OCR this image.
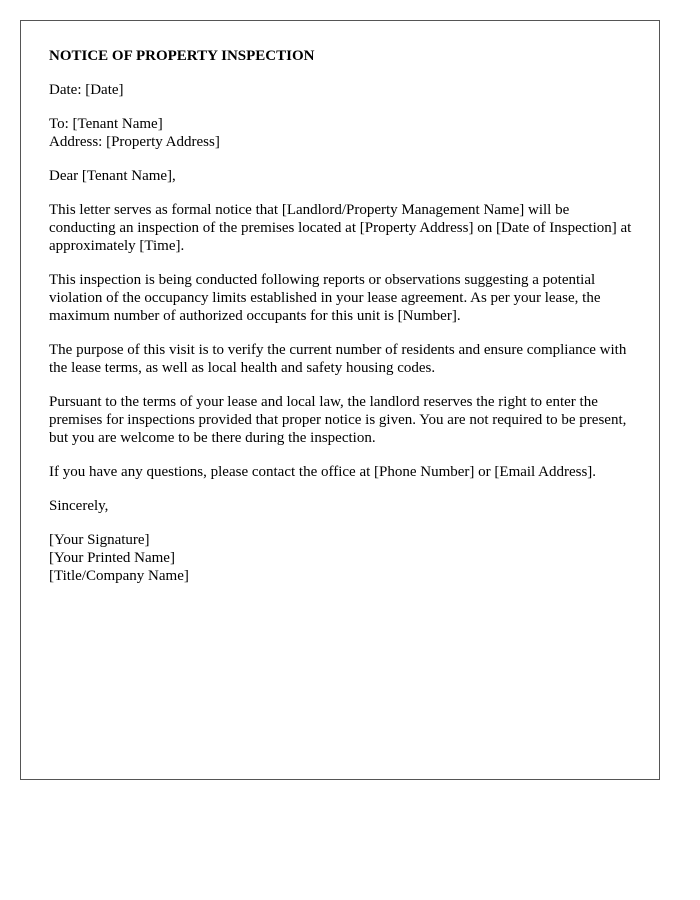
NOTICE OF PROPERTY INSPECTION
Date: [Date]
To: [Tenant Name]
Address: [Property Address]
Dear [Tenant Name],
This letter serves as formal notice that [Landlord/Property Management Name] will be conducting an inspection of the premises located at [Property Address] on [Date of Inspection] at approximately [Time].
This inspection is being conducted following reports or observations suggesting a potential violation of the occupancy limits established in your lease agreement. As per your lease, the maximum number of authorized occupants for this unit is [Number].
The purpose of this visit is to verify the current number of residents and ensure compliance with the lease terms, as well as local health and safety housing codes.
Pursuant to the terms of your lease and local law, the landlord reserves the right to enter the premises for inspections provided that proper notice is given. You are not required to be present, but you are welcome to be there during the inspection.
If you have any questions, please contact the office at [Phone Number] or [Email Address].
Sincerely,
[Your Signature]
[Your Printed Name]
[Title/Company Name]
